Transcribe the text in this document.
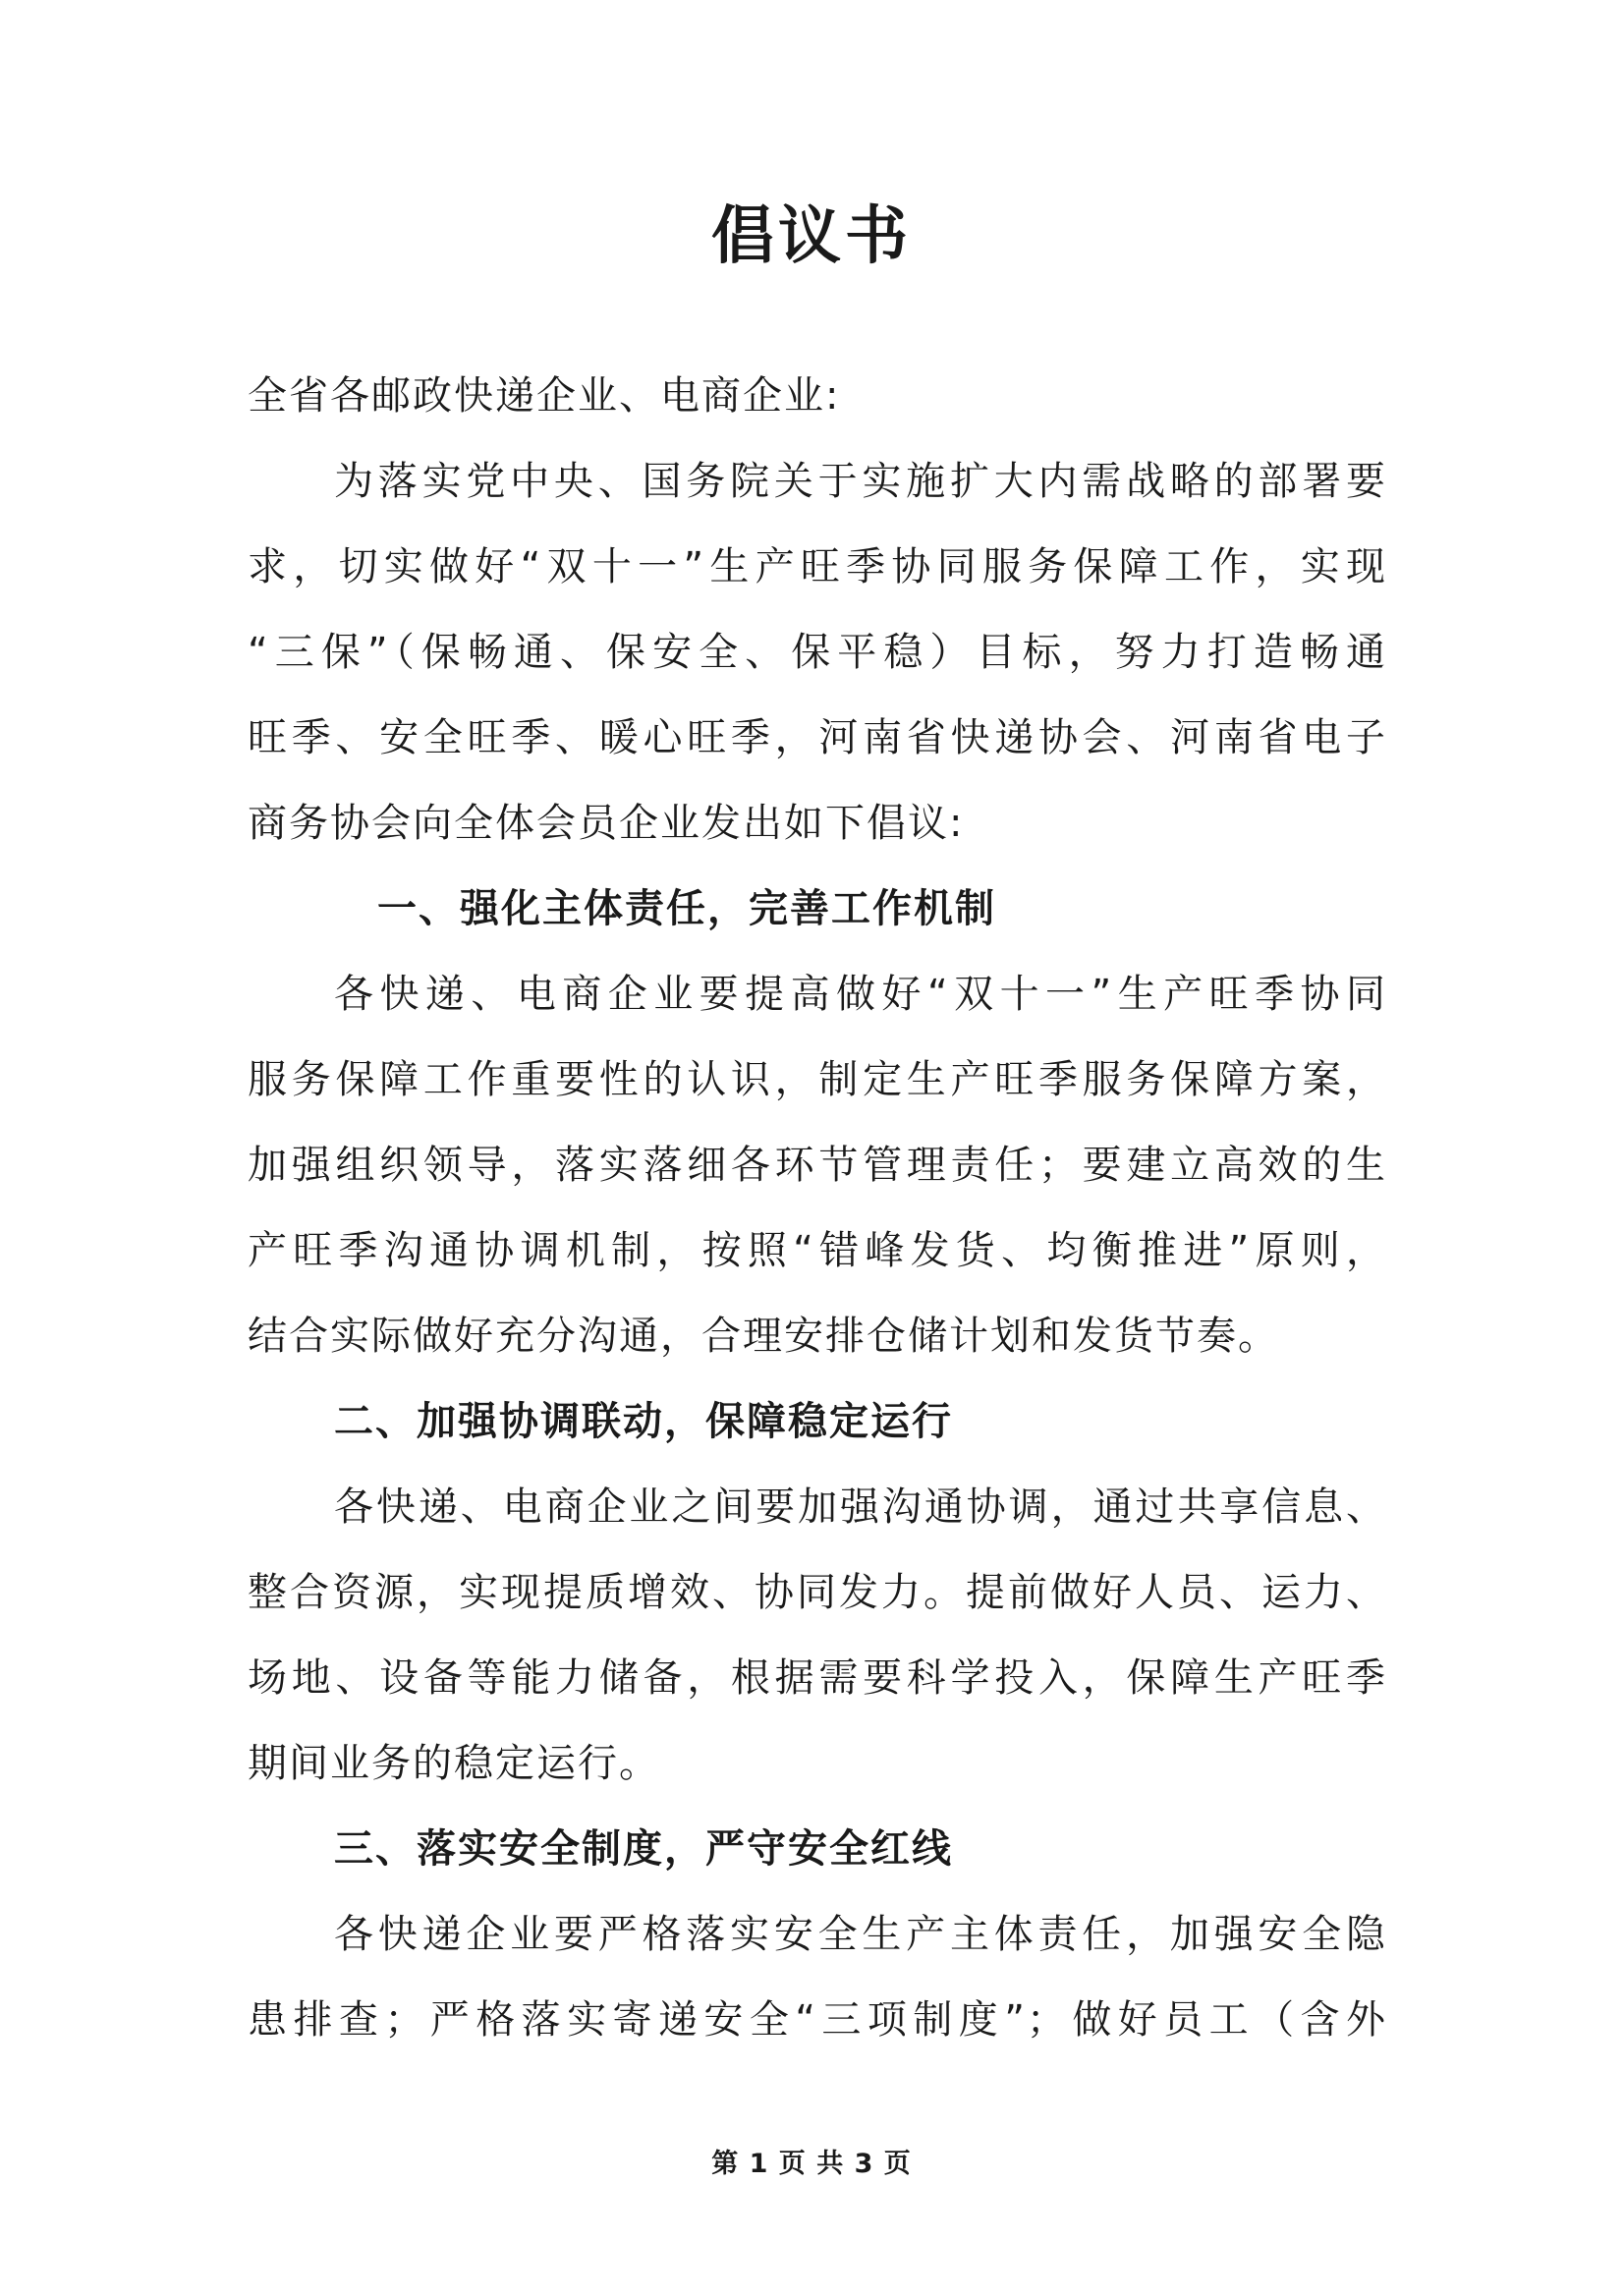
倡议书
全省各邮政快递企业、电商企业:
为落实党中央、国务院关于实施扩大内需战略的部署要
求，切实做好“双十一”生产旺季协同服务保障工作，实现
“三保”（保畅通、保安全、保平稳）目标，努力打造畅通
旺季、安全旺季、暖心旺季，河南省快递协会、河南省电子
商务协会向全体会员企业发出如下倡议:
一、强化主体责任，完善工作机制
各快递、电商企业要提高做好“双十一”生产旺季协同
服务保障工作重要性的认识，制定生产旺季服务保障方案，
加强组织领导，落实落细各环节管理责任；要建立高效的生
产旺季沟通协调机制，按照“错峰发货、均衡推进”原则，
结合实际做好充分沟通，合理安排仓储计划和发货节奏。
二、加强协调联动，保障稳定运行
各快递、电商企业之间要加强沟通协调，通过共享信息、
整合资源，实现提质增效、协同发力。提前做好人员、运力、
场地、设备等能力储备，根据需要科学投入，保障生产旺季
期间业务的稳定运行。
三、落实安全制度，严守安全红线
各快递企业要严格落实安全生产主体责任，加强安全隐
患排查；严格落实寄递安全“三项制度”；做好员工（含外
第 1 页 共 3 页
